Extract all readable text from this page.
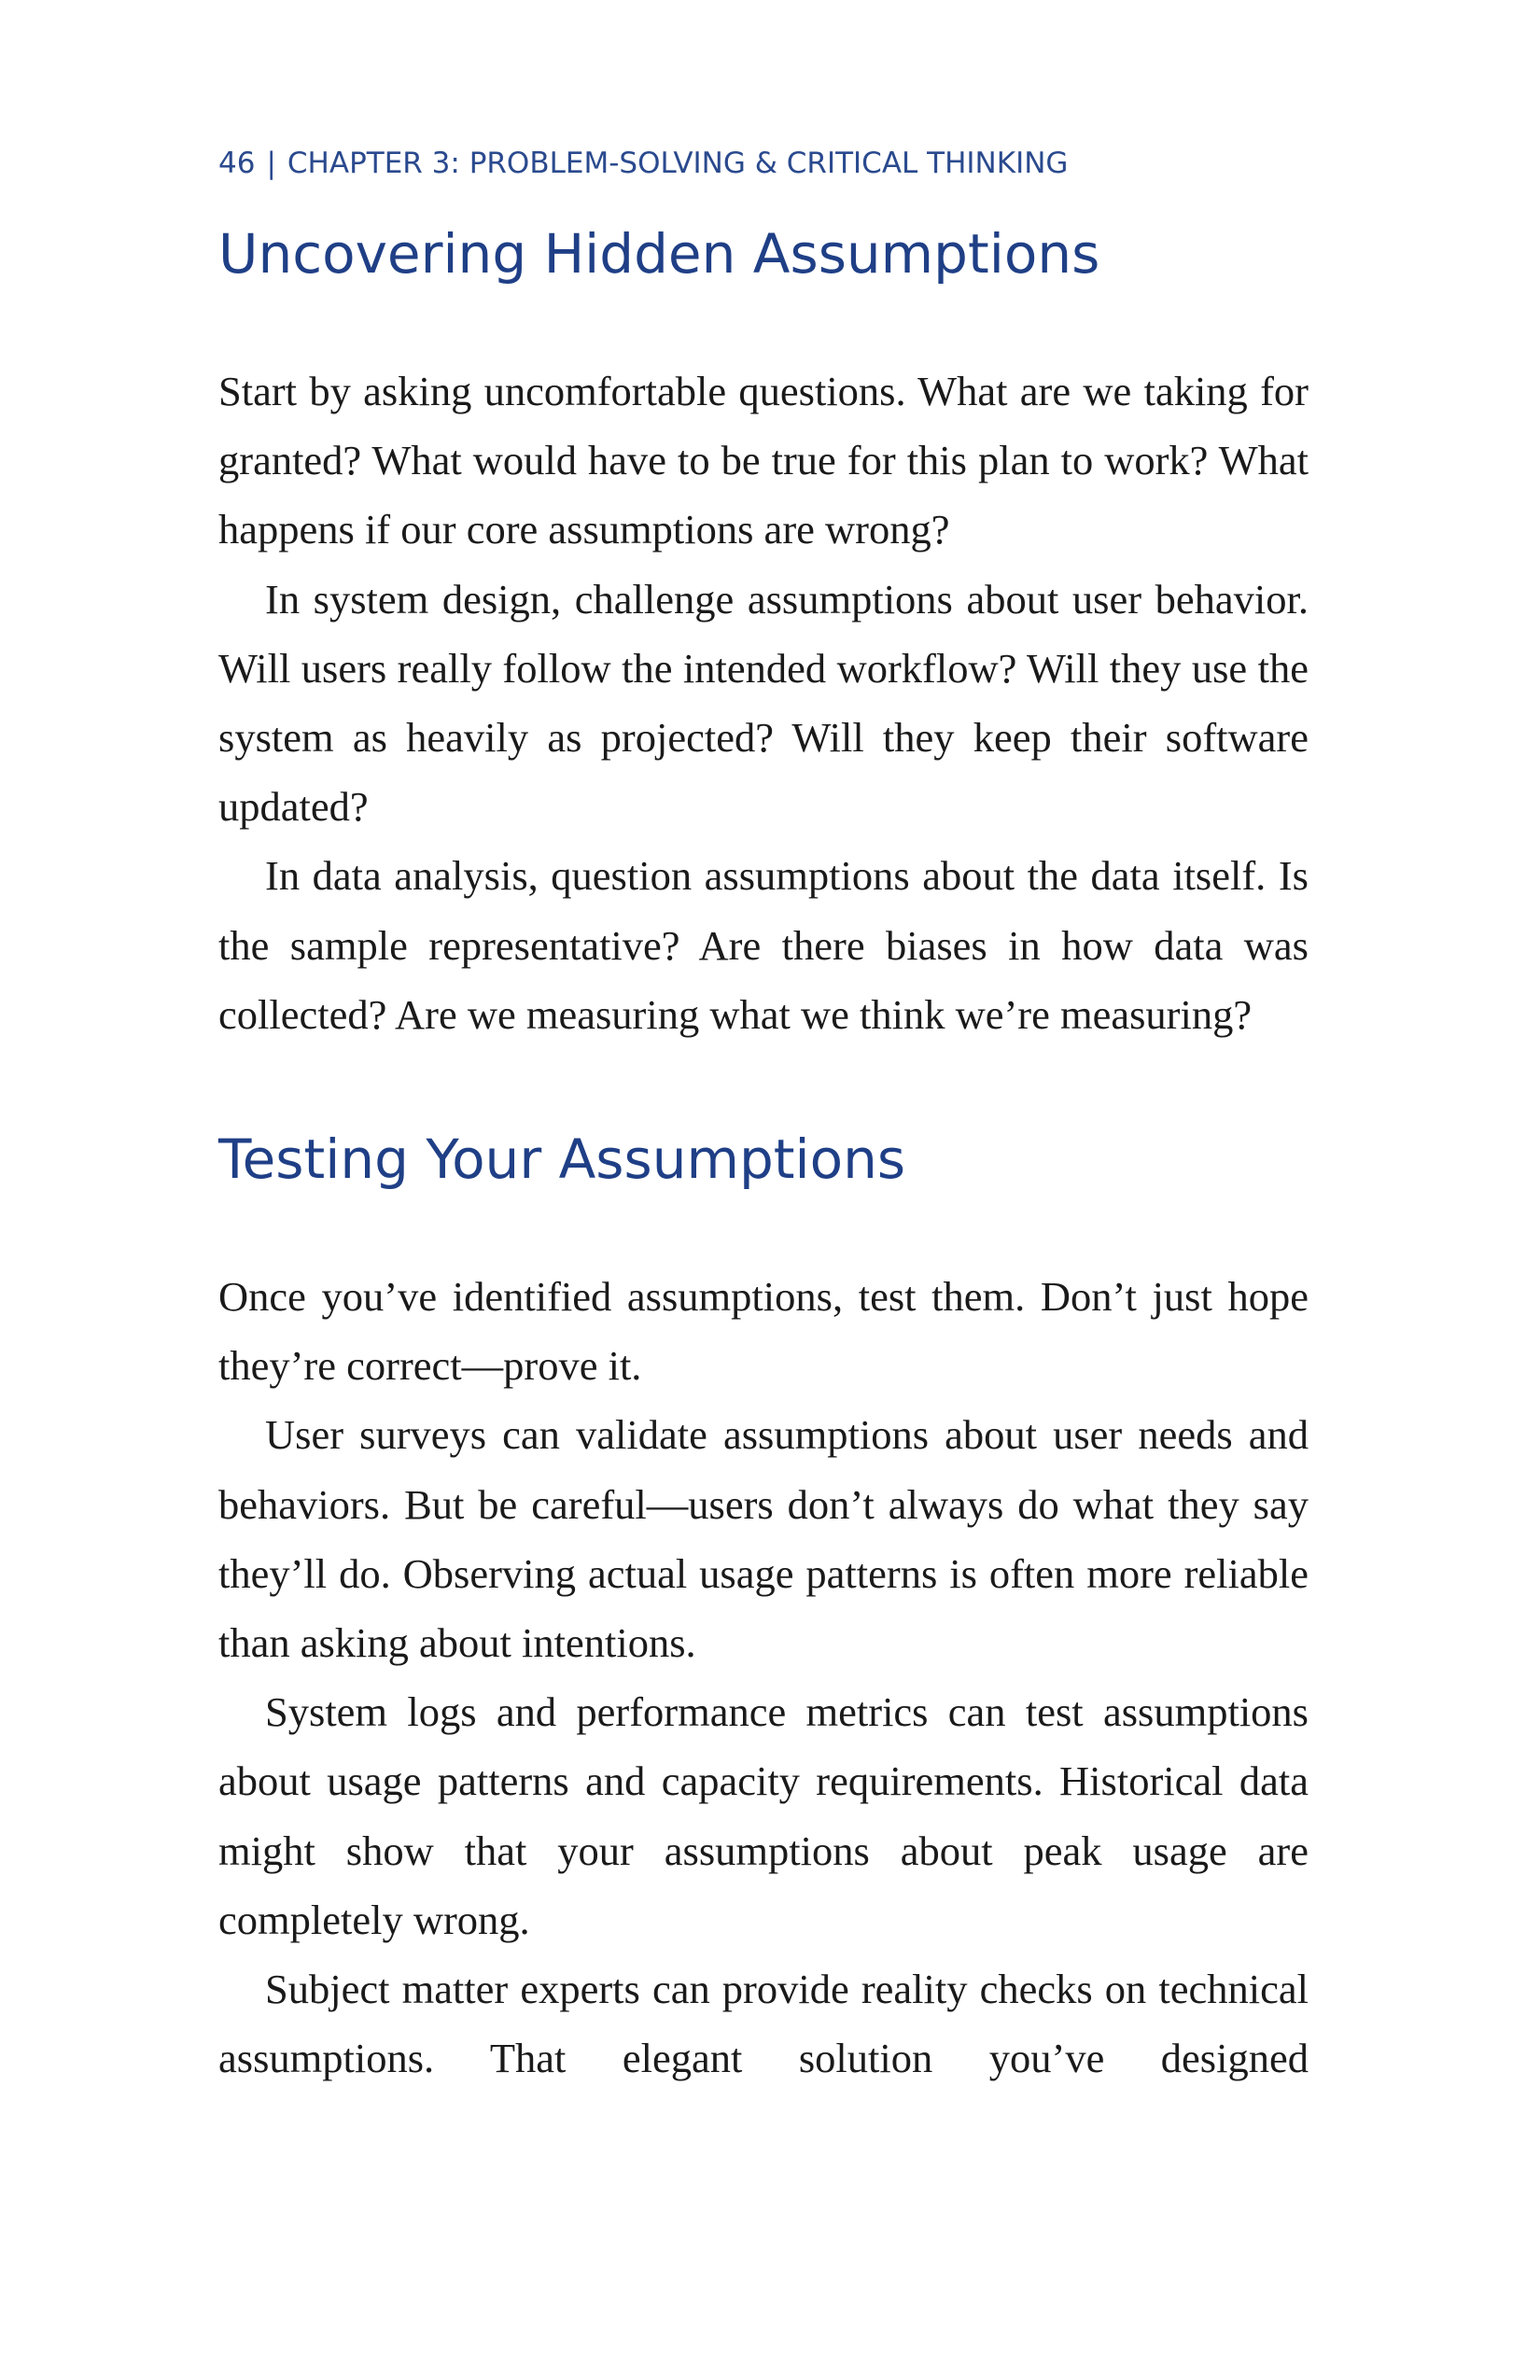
46 | CHAPTER 3: PROBLEM-SOLVING & CRITICAL THINKING
Uncovering Hidden Assumptions

Start by asking uncomfortable questions. What are we taking for granted? What would have to be true for this plan to work? What happens if our core assumptions are wrong?

In system design, challenge assumptions about user behavior. Will users really follow the intended workflow? Will they use the system as heavily as projected? Will they keep their software updated?

In data analysis, question assumptions about the data itself. Is the sample representative? Are there biases in how data was collected? Are we measuring what we think we’re measuring?

Testing Your Assumptions

Once you’ve identified assumptions, test them. Don’t just hope they’re correct—prove it.

User surveys can validate assumptions about user needs and behaviors. But be careful—users don’t always do what they say they’ll do. Observing actual usage patterns is often more reliable than asking about intentions.

System logs and performance metrics can test assumptions about usage patterns and capacity requirements. Historical data might show that your assumptions about peak usage are completely wrong.

Subject matter experts can provide reality checks on technical assumptions. That elegant solution you’ve designed
